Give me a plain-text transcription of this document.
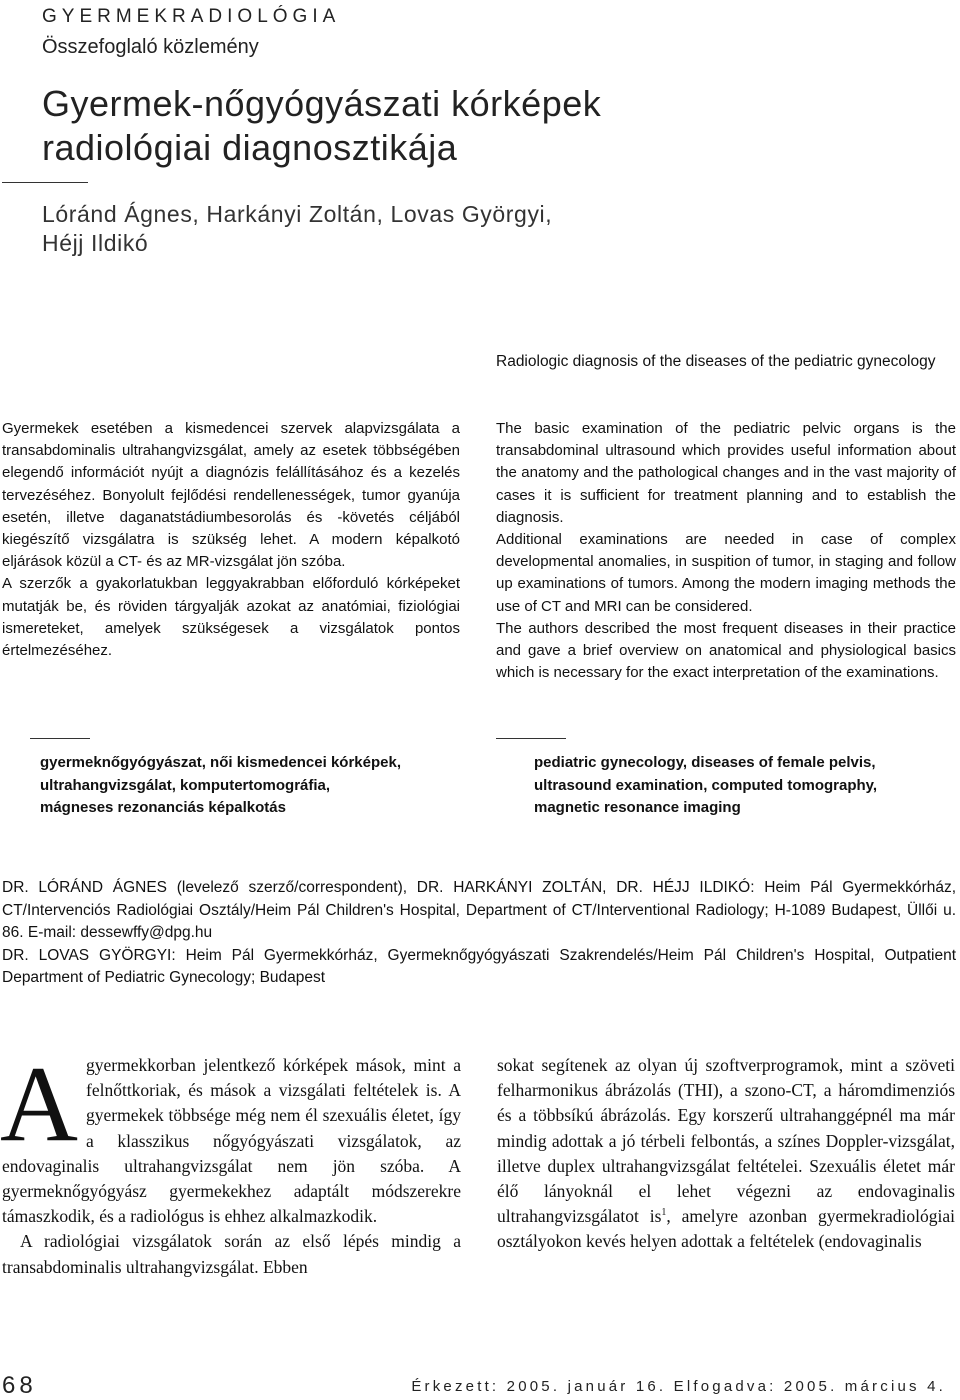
GYERMEKRADIOLÓGIA
Összefoglaló közlemény
Gyermek-nőgyógyászati kórképek
radiológiai diagnosztikája
Lóránd Ágnes, Harkányi Zoltán, Lovas Györgyi,
Héjj Ildikó
Radiologic diagnosis of the diseases of the pediatric gynecology

Gyermekek esetében a kismedencei szervek alapvizsgálata a transabdominalis ultrahangvizsgálat, amely az esetek többségében elegendő információt nyújt a diagnózis felállításához és a kezelés tervezéséhez. Bonyolult fejlődési rendellenességek, tumor gyanúja esetén, illetve daganatstádiumbesorolás és -követés céljából kiegészítő vizsgálatra is szükség lehet. A modern képalkotó eljárások közül a CT- és az MR-vizsgálat jön szóba.

A szerzők a gyakorlatukban leggyakrabban előforduló kórképeket mutatják be, és röviden tárgyalják azokat az anatómiai, fiziológiai ismereteket, amelyek szükségesek a vizsgálatok pontos értelmezéséhez.

The basic examination of the pediatric pelvic organs is the transabdominal ultrasound which provides useful information about the anatomy and the pathological changes and in the vast majority of cases it is sufficient for treatment planning and to establish the diagnosis.

Additional examinations are needed in case of complex developmental anomalies, in suspition of tumor, in staging and follow up examinations of tumors. Among the modern imaging methods the use of CT and MRI can be considered.

The authors described the most frequent diseases in their practice and gave a brief overview on anatomical and physiological basics which is necessary for the exact interpretation of the examinations.

gyermeknőgyógyászat, női kismedencei kórképek,
ultrahangvizsgálat, komputertomográfia,
mágneses rezonanciás képalkotás
pediatric gynecology, diseases of female pelvis,
ultrasound examination, computed tomography,
magnetic resonance imaging

DR. LÓRÁND ÁGNES (levelező szerző/correspondent), DR. HARKÁNYI ZOLTÁN, DR. HÉJJ ILDIKÓ: Heim Pál Gyermekkórház, CT/Intervenciós Radiológiai Osztály/Heim Pál Children's Hospital, Department of CT/Interventional Radiology; H-1089 Budapest, Üllői u. 86. E-mail: dessewffy@dpg.hu

DR. LOVAS GYÖRGYI: Heim Pál Gyermekkórház, Gyermeknőgyógyászati Szakrendelés/Heim Pál Children's Hospital, Outpatient Department of Pediatric Gynecology; Budapest

Agyermekkorban jelentkező kórképek mások, mint a felnőttkoriak, és mások a vizsgálati feltételek is. A gyermekek többsége még nem él szexuális életet, így a klasszikus nőgyógyászati vizsgálatok, az endovaginalis ultrahangvizsgálat nem jön szóba. A gyermeknőgyógyász gyermekekhez adaptált módszerekre támaszkodik, és a radiológus is ehhez alkalmazkodik.

A radiológiai vizsgálatok során az első lépés mindig a transabdominalis ultrahangvizsgálat. Ebben

sokat segítenek az olyan új szoftverprogramok, mint a szöveti felharmonikus ábrázolás (THI), a szono-CT, a háromdimenziós és a többsíkú ábrázolás. Egy korszerű ultrahanggépnél ma már mindig adottak a jó térbeli felbontás, a színes Doppler-vizsgálat, illetve duplex ultrahangvizsgálat feltételei. Szexuális életet már élő lányoknál el lehet végezni az endovaginalis ultrahangvizsgálatot $is^1$, amelyre azonban gyermekradiológiai osztályokon kevés helyen adottak a feltételek (endovaginalis

68	Érkezett: 2005. január 16. Elfogadva: 2005. március 4.
